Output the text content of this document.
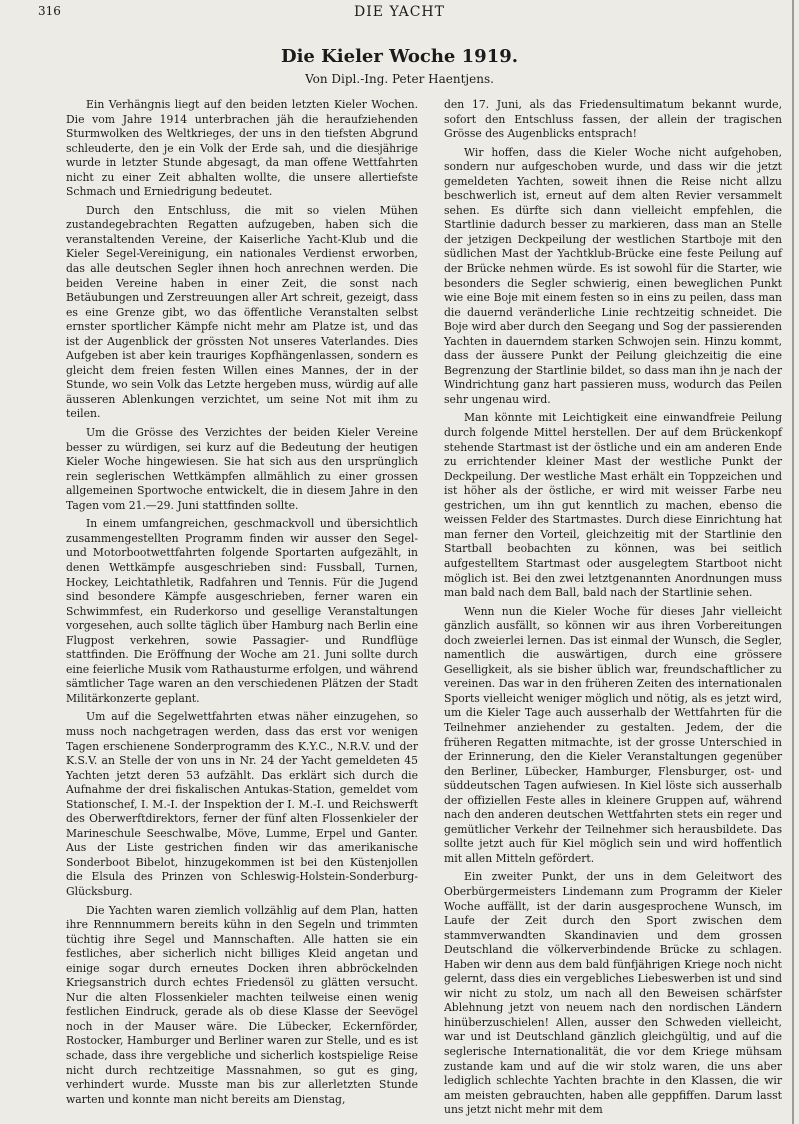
316	DIE YACHT
Die Kieler Woche 1919.
Von Dipl.-Ing. Peter Haentjens.

Ein Verhängnis liegt auf den beiden letzten Kieler Wochen. Die vom Jahre 1914 unterbrachen jäh die heraufziehenden Sturmwolken des Weltkrieges, der uns in den tiefsten Abgrund schleuderte, den je ein Volk der Erde sah, und die diesjährige wurde in letzter Stunde abgesagt, da man offene Wettfahrten nicht zu einer Zeit abhalten wollte, die unsere allertiefste Schmach und Erniedrigung bedeutet.

Durch den Entschluss, die mit so vielen Mühen zustandegebrachten Regatten aufzugeben, haben sich die veranstaltenden Vereine, der Kaiserliche Yacht-Klub und die Kieler Segel-Vereinigung, ein nationales Verdienst erworben, das alle deutschen Segler ihnen hoch anrechnen werden. Die beiden Vereine haben in einer Zeit, die sonst nach Betäubungen und Zerstreuungen aller Art schreit, gezeigt, dass es eine Grenze gibt, wo das öffentliche Veranstalten selbst ernster sportlicher Kämpfe nicht mehr am Platze ist, und das ist der Augenblick der grössten Not unseres Vaterlandes. Dies Aufgeben ist aber kein trauriges Kopfhängenlassen, sondern es gleicht dem freien festen Willen eines Mannes, der in der Stunde, wo sein Volk das Letzte hergeben muss, würdig auf alle äusseren Ablenkungen verzichtet, um seine Not mit ihm zu teilen.

Um die Grösse des Verzichtes der beiden Kieler Vereine besser zu würdigen, sei kurz auf die Bedeutung der heutigen Kieler Woche hingewiesen. Sie hat sich aus den ursprünglich rein seglerischen Wettkämpfen allmählich zu einer grossen allgemeinen Sportwoche entwickelt, die in diesem Jahre in den Tagen vom 21.—29. Juni stattfinden sollte.

In einem umfangreichen, geschmackvoll und übersichtlich zusammengestellten Programm finden wir ausser den Segel- und Motorbootwettfahrten folgende Sportarten aufgezählt, in denen Wettkämpfe ausgeschrieben sind: Fussball, Turnen, Hockey, Leichtathletik, Radfahren und Tennis. Für die Jugend sind besondere Kämpfe ausgeschrieben, ferner waren ein Schwimmfest, ein Ruderkorso und gesellige Veranstaltungen vorgesehen, auch sollte täglich über Hamburg nach Berlin eine Flugpost verkehren, sowie Passagier- und Rundflüge stattfinden. Die Eröffnung der Woche am 21. Juni sollte durch eine feierliche Musik vom Rathausturme erfolgen, und während sämtlicher Tage waren an den verschiedenen Plätzen der Stadt Militärkonzerte geplant.

Um auf die Segelwettfahrten etwas näher einzugehen, so muss noch nachgetragen werden, dass das erst vor wenigen Tagen erschienene Sonderprogramm des K.Y.C., N.R.V. und der K.S.V. an Stelle der von uns in Nr. 24 der Yacht gemeldeten 45 Yachten jetzt deren 53 aufzählt. Das erklärt sich durch die Aufnahme der drei fiskalischen Antukas-Station, gemeldet vom Stationschef, I. M.-I. der Inspektion der I. M.-I. und Reichswerft des Oberwerftdirektors, ferner der fünf alten Flossenkieler der Marineschule Seeschwalbe, Möve, Lumme, Erpel und Ganter. Aus der Liste gestrichen finden wir das amerikanische Sonderboot Bibelot, hinzugekommen ist bei den Küstenjollen die Elsula des Prinzen von Schleswig-Holstein-Sonderburg-Glücksburg.

Die Yachten waren ziemlich vollzählig auf dem Plan, hatten ihre Rennnummern bereits kühn in den Segeln und trimmten tüchtig ihre Segel und Mannschaften. Alle hatten sie ein festliches, aber sicherlich nicht billiges Kleid angetan und einige sogar durch erneutes Docken ihren abbröckelnden Kriegsanstrich durch echtes Friedensöl zu glätten versucht. Nur die alten Flossenkieler machten teilweise einen wenig festlichen Eindruck, gerade als ob diese Klasse der Seevögel noch in der Mauser wäre. Die Lübecker, Eckernförder, Rostocker, Hamburger und Berliner waren zur Stelle, und es ist schade, dass ihre vergebliche und sicherlich kostspielige Reise nicht durch rechtzeitige Massnahmen, so gut es ging, verhindert wurde. Musste man bis zur allerletzten Stunde warten und konnte man nicht bereits am Dienstag,

den 17. Juni, als das Friedensultimatum bekannt wurde, sofort den Entschluss fassen, der allein der tragischen Grösse des Augenblicks entsprach!

Wir hoffen, dass die Kieler Woche nicht aufgehoben, sondern nur aufgeschoben wurde, und dass wir die jetzt gemeldeten Yachten, soweit ihnen die Reise nicht allzu beschwerlich ist, erneut auf dem alten Revier versammelt sehen. Es dürfte sich dann vielleicht empfehlen, die Startlinie dadurch besser zu markieren, dass man an Stelle der jetzigen Deckpeilung der westlichen Startboje mit den südlichen Mast der Yachtklub-Brücke eine feste Peilung auf der Brücke nehmen würde. Es ist sowohl für die Starter, wie besonders die Segler schwierig, einen beweglichen Punkt wie eine Boje mit einem festen so in eins zu peilen, dass man die dauernd veränderliche Linie rechtzeitig schneidet. Die Boje wird aber durch den Seegang und Sog der passierenden Yachten in dauerndem starken Schwojen sein. Hinzu kommt, dass der äussere Punkt der Peilung gleichzeitig die eine Begrenzung der Startlinie bildet, so dass man ihn je nach der Windrichtung ganz hart passieren muss, wodurch das Peilen sehr ungenau wird.

Man könnte mit Leichtigkeit eine einwandfreie Peilung durch folgende Mittel herstellen. Der auf dem Brückenkopf stehende Startmast ist der östliche und ein am anderen Ende zu errichtender kleiner Mast der westliche Punkt der Deckpeilung. Der westliche Mast erhält ein Toppzeichen und ist höher als der östliche, er wird mit weisser Farbe neu gestrichen, um ihn gut kenntlich zu machen, ebenso die weissen Felder des Startmastes. Durch diese Einrichtung hat man ferner den Vorteil, gleichzeitig mit der Startlinie den Startball beobachten zu können, was bei seitlich aufgestelltem Startmast oder ausgelegtem Startboot nicht möglich ist. Bei den zwei letztgenannten Anordnungen muss man bald nach dem Ball, bald nach der Startlinie sehen.

Wenn nun die Kieler Woche für dieses Jahr vielleicht gänzlich ausfällt, so können wir aus ihren Vorbereitungen doch zweierlei lernen. Das ist einmal der Wunsch, die Segler, namentlich die auswärtigen, durch eine grössere Geselligkeit, als sie bisher üblich war, freundschaftlicher zu vereinen. Das war in den früheren Zeiten des internationalen Sports vielleicht weniger möglich und nötig, als es jetzt wird, um die Kieler Tage auch ausserhalb der Wettfahrten für die Teilnehmer anziehender zu gestalten. Jedem, der die früheren Regatten mitmachte, ist der grosse Unterschied in der Erinnerung, den die Kieler Veranstaltungen gegenüber den Berliner, Lübecker, Hamburger, Flensburger, ost- und süddeutschen Tagen aufwiesen. In Kiel löste sich ausserhalb der offiziellen Feste alles in kleinere Gruppen auf, während nach den anderen deutschen Wettfahrten stets ein reger und gemütlicher Verkehr der Teilnehmer sich herausbildete. Das sollte jetzt auch für Kiel möglich sein und wird hoffentlich mit allen Mitteln gefördert.

Ein zweiter Punkt, der uns in dem Geleitwort des Oberbürgermeisters Lindemann zum Programm der Kieler Woche auffällt, ist der darin ausgesprochene Wunsch, im Laufe der Zeit durch den Sport zwischen dem stammverwandten Skandinavien und dem grossen Deutschland die völkerverbindende Brücke zu schlagen. Haben wir denn aus dem bald fünfjährigen Kriege noch nicht gelernt, dass dies ein vergebliches Liebeswerben ist und sind wir nicht zu stolz, um nach all den Beweisen schärfster Ablehnung jetzt von neuem nach den nordischen Ländern hinüberzuschielen! Allen, ausser den Schweden vielleicht, war und ist Deutschland gänzlich gleichgültig, und auf die seglerische Internationalität, die vor dem Kriege mühsam zustande kam und auf die wir stolz waren, die uns aber lediglich schlechte Yachten brachte in den Klassen, die wir am meisten gebrauchten, haben alle geppfiffen. Darum lasst uns jetzt nicht mehr mit dem
